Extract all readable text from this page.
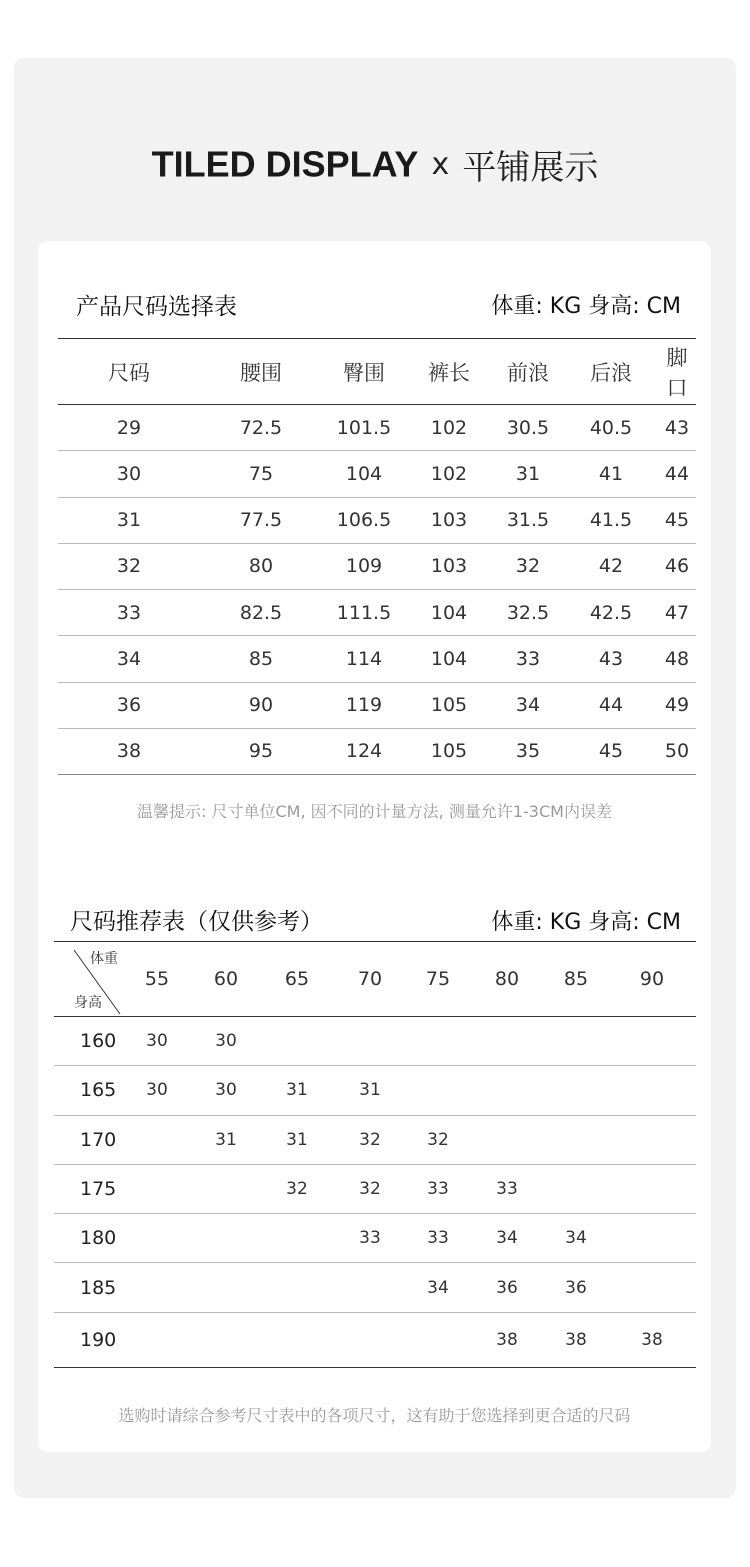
TILED DISPLAY x 平铺展示
产品尺码选择表	体重: KG 身高: CM
尺码	腰围	臀围	裤长	前浪	后浪	脚口
29	72.5	101.5	102	30.5	40.5	43
30	75	104	102	31	41	44
31	77.5	106.5	103	31.5	41.5	45
32	80	109	103	32	42	46
33	82.5	111.5	104	32.5	42.5	47
34	85	114	104	33	43	48
36	90	119	105	34	44	49
38	95	124	105	35	45	50
温馨提示: 尺寸单位CM, 因不同的计量方法, 测量允许1-3CM内误差
尺码推荐表（仅供参考）	体重: KG 身高: CM
体重
身高	55	60	65	70	75	80	85	90
160	30	30						
165	30	30	31	31				
170		31	31	32	32			
175			32	32	33	33		
180				33	33	34	34	
185					34	36	36	
190						38	38	38
选购时请综合参考尺寸表中的各项尺寸，这有助于您选择到更合适的尺码
